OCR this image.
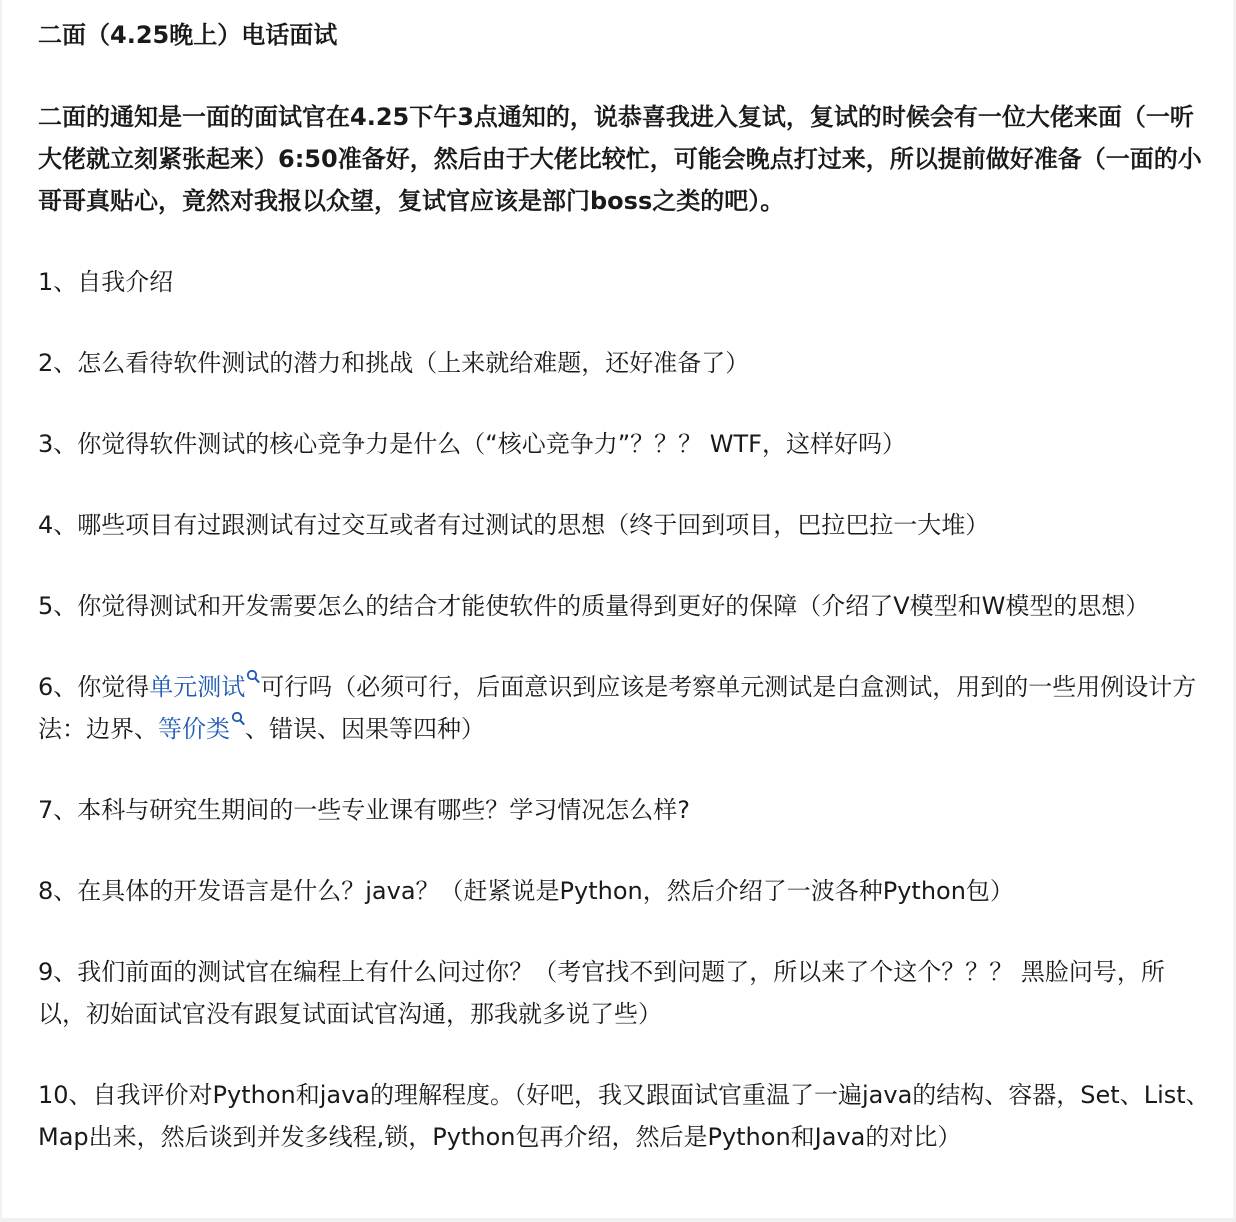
二面（4.25晚上）电话面试
二面的通知是一面的面试官在4.25下午3点通知的，说恭喜我进入复试，复试的时候会有一位大佬来面（一听大佬就立刻紧张起来）6:50准备好，然后由于大佬比较忙，可能会晚点打过来，所以提前做好准备（一面的小哥哥真贴心，竟然对我报以众望，复试官应该是部门boss之类的吧）。
1、自我介绍
2、怎么看待软件测试的潜力和挑战（上来就给难题，还好准备了）
3、你觉得软件测试的核心竞争力是什么（“核心竞争力”？？？ WTF，这样好吗）
4、哪些项目有过跟测试有过交互或者有过测试的思想（终于回到项目，巴拉巴拉一大堆）
5、你觉得测试和开发需要怎么的结合才能使软件的质量得到更好的保障（介绍了V模型和W模型的思想）
6、你觉得单元测试 可行吗（必须可行，后面意识到应该是考察单元测试是白盒测试，用到的一些用例设计方法：边界、等价类 、错误、因果等四种）
7、本科与研究生期间的一些专业课有哪些？学习情况怎么样?
8、在具体的开发语言是什么？java？（赶紧说是Python，然后介绍了一波各种Python包）
9、我们前面的测试官在编程上有什么问过你？（考官找不到问题了，所以来了个这个？？？ 黑脸问号，所以，初始面试官没有跟复试面试官沟通，那我就多说了些）
10、自我评价对Python和java的理解程度。（好吧，我又跟面试官重温了一遍java的结构、容器，Set、List、Map出来，然后谈到并发多线程,锁，Python包再介绍，然后是Python和Java的对比）
